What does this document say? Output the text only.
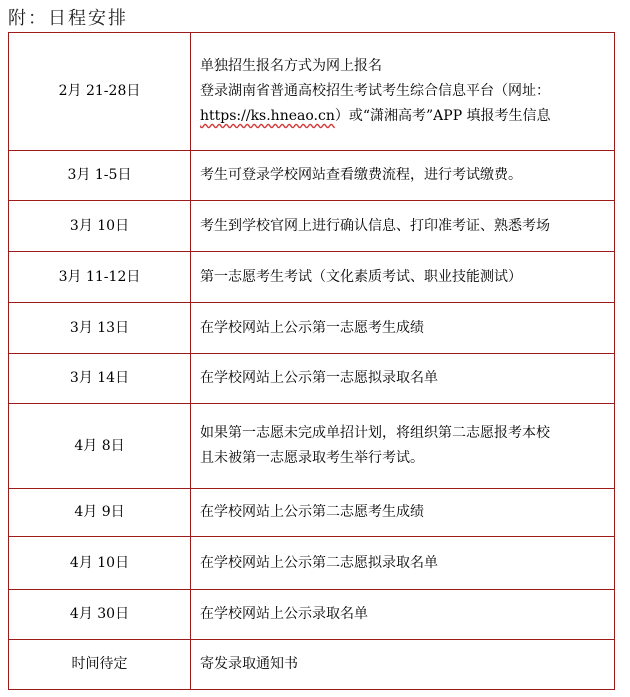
附：日程安排
2月 21-28日	单独招生报名方式为网上报名
登录湖南省普通高校招生考试考生综合信息平台（网址：
https://ks.hneao.cn）或“潇湘高考”APP 填报考生信息

3月 1-5日	考生可登录学校网站查看缴费流程，进行考试缴费。

3月 10日	考生到学校官网上进行确认信息、打印准考证、熟悉考场

3月 11-12日	第一志愿考生考试（文化素质考试、职业技能测试）

3月 13日	在学校网站上公示第一志愿考生成绩

3月 14日	在学校网站上公示第一志愿拟录取名单

4月 8日	如果第一志愿未完成单招计划，将组织第二志愿报考本校
且未被第一志愿录取考生举行考试。

4月 9日	在学校网站上公示第二志愿考生成绩

4月 10日	在学校网站上公示第二志愿拟录取名单

4月 30日	在学校网站上公示录取名单

时间待定	寄发录取通知书
